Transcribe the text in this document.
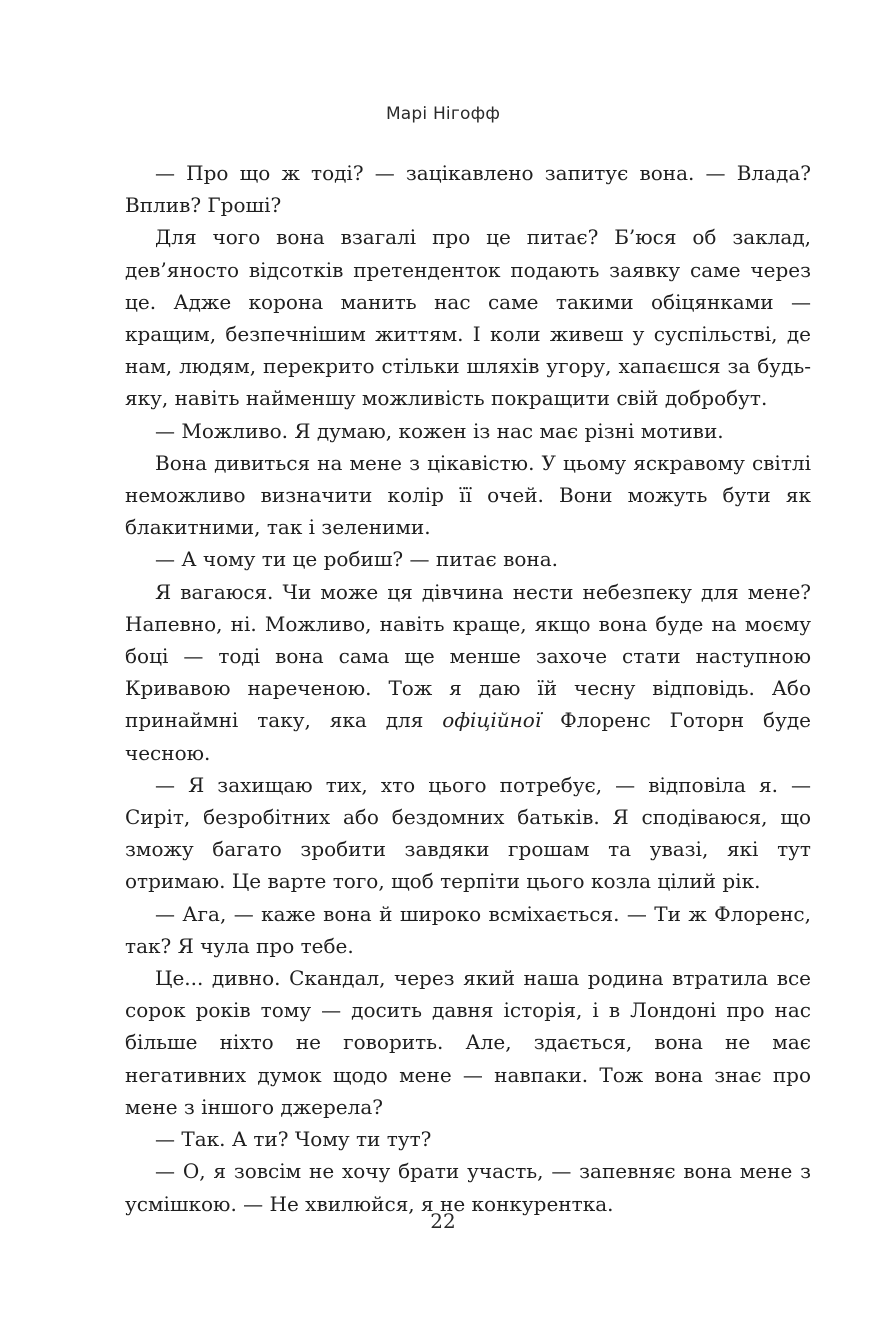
Марі Нігофф

— Про що ж тоді? — зацікавлено запитує вона. — Влада? Вплив? Гроші?

Для чого вона взагалі про це питає? Б’юся об заклад, дев’яносто відсотків претенденток подають заявку саме через це. Адже корона манить нас саме такими обіцянками — кращим, безпечнішим життям. І коли живеш у суспільстві, де нам, людям, перекрито стільки шляхів угору, хапаєшся за будь-яку, навіть найменшу можливість покращити свій добробут.

— Можливо. Я думаю, кожен із нас має різні мотиви.

Вона дивиться на мене з цікавістю. У цьому яскравому світлі неможливо визначити колір її очей. Вони можуть бути як блакитними, так і зеленими.

— А чому ти це робиш? — питає вона.

Я вагаюся. Чи може ця дівчина нести небезпеку для мене? Напевно, ні. Можливо, навіть краще, якщо вона буде на моєму боці — тоді вона сама ще менше захоче стати наступною Кривавою нареченою. Тож я даю їй чесну відповідь. Або принаймні таку, яка для офіційної Флоренс Готорн буде чесною.

— Я захищаю тих, хто цього потребує, — відповіла я. — Сиріт, безробітних або бездомних батьків. Я сподіваюся, що зможу багато зробити завдяки грошам та увазі, які тут отримаю. Це варте того, щоб терпіти цього козла цілий рік.

— Ага, — каже вона й широко всміхається. — Ти ж Флоренс, так? Я чула про тебе.

Це... дивно. Скандал, через який наша родина втратила все сорок років тому — досить давня історія, і в Лондоні про нас більше ніхто не говорить. Але, здається, вона не має негативних думок щодо мене — навпаки. Тож вона знає про мене з іншого джерела?

— Так. А ти? Чому ти тут?

— О, я зовсім не хочу брати участь, — запевняє вона мене з усмішкою. — Не хвилюйся, я не конкурентка.

22
